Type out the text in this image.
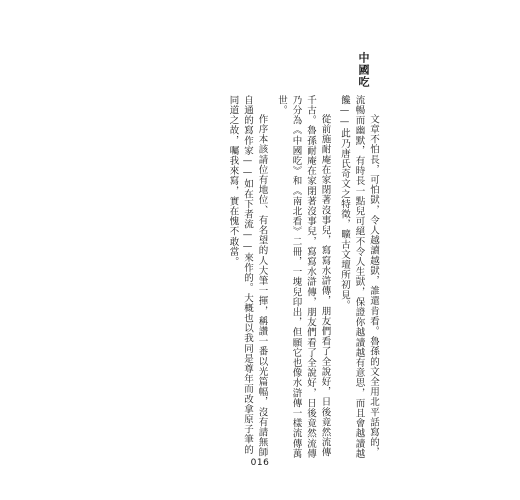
中國吃
文章不怕長，可怕獃，令人越讀越獃，誰還肯看。魯孫的文全用北平話寫的，
流暢而幽默，有時長一點兒可絕不令人生獃，保證你越讀越有意思，而且會越讀越
饞——此乃唐氏奇文之特徵，曠古文壇所初見。
從前施耐庵在家閉著沒事兒，寫寫水滸傳，朋友們看了全說好，日後竟然流傳
千古。魯孫耐庵在家閉著沒事兒，寫寫水滸傳，朋友們看了全說好，日後竟然流傳
乃分為《中國吃》和《南北看》二冊，一塊兒印出，但願它也像水滸傳一樣流傳萬
世。
作序本該請位有地位、有名望的人大筆一揮，稱讚一番以光篇幅，沒有請無師
自通的寫作家——如在下者流——來作的。大概也以我同是尊年而改拿原子筆的
同道之故，囑我來寫，實在愧不敢當。
016
